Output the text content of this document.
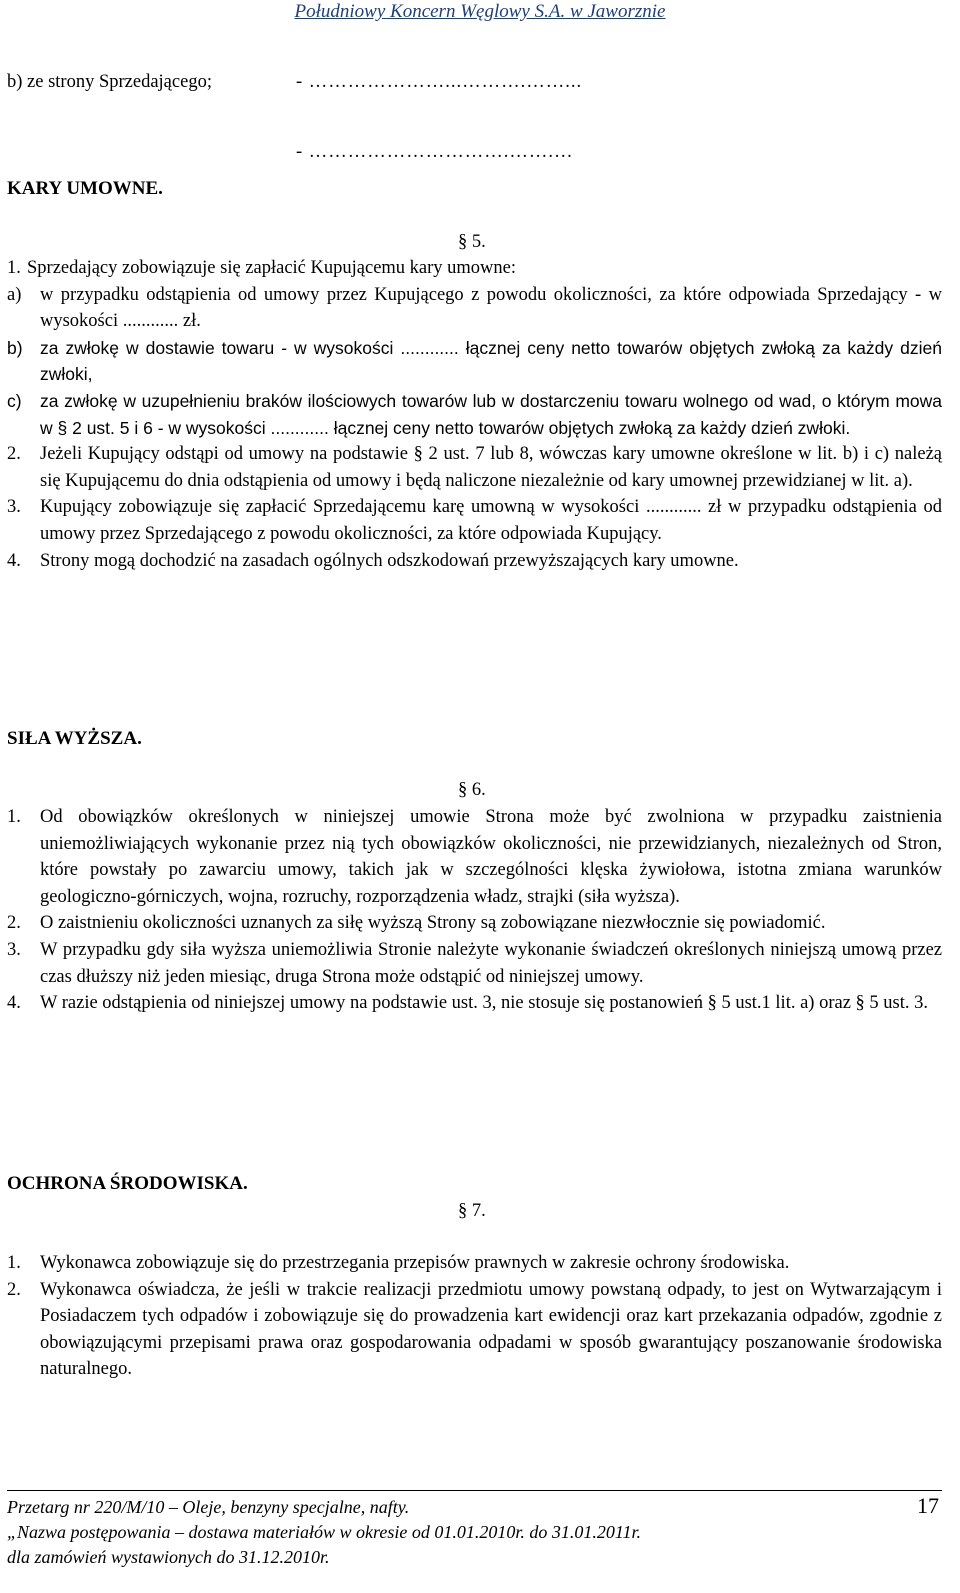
Południowy Koncern Węglowy S.A. w Jaworznie
b) ze strony Sprzedającego;	- …………………...……….……...
- ………………………….…….…
KARY UMOWNE.
§ 5.
1. Sprzedający zobowiązuje się zapłacić Kupującemu kary umowne:
a)	w przypadku odstąpienia od umowy przez Kupującego z powodu okoliczności, za które odpowiada Sprzedający - w wysokości ............ zł.
b) za zwłokę w dostawie towaru - w wysokości ............ łącznej ceny netto towarów objętych zwłoką za każdy dzień zwłoki,
c)	za zwłokę w uzupełnieniu braków ilościowych towarów lub w dostarczeniu towaru wolnego od wad, o którym mowa w § 2 ust. 5 i 6 - w wysokości ............ łącznej ceny netto towarów objętych zwłoką za każdy dzień zwłoki.
2.	Jeżeli Kupujący odstąpi od umowy na podstawie § 2 ust. 7 lub 8, wówczas kary umowne określone w lit. b) i c) należą się Kupującemu do dnia odstąpienia od umowy i będą naliczone niezależnie od kary umownej przewidzianej w lit. a).
3.	Kupujący zobowiązuje się zapłacić Sprzedającemu karę umowną w wysokości ............ zł w przypadku odstąpienia od umowy przez Sprzedającego z powodu okoliczności, za które odpowiada Kupujący.
4.	Strony mogą dochodzić na zasadach ogólnych odszkodowań przewyższających kary umowne.
SIŁA WYŻSZA.
§ 6.
1.	Od obowiązków określonych w niniejszej umowie Strona może być zwolniona w przypadku zaistnienia uniemożliwiających wykonanie przez nią tych obowiązków okoliczności, nie przewidzianych, niezależnych od Stron, które powstały po zawarciu umowy, takich jak w szczególności klęska żywiołowa, istotna zmiana warunków geologiczno-górniczych, wojna, rozruchy, rozporządzenia władz, strajki (siła wyższa).
2.	O zaistnieniu okoliczności uznanych za siłę wyższą Strony są zobowiązane niezwłocznie się powiadomić.
3.	W przypadku gdy siła wyższa uniemożliwia Stronie należyte wykonanie świadczeń określonych niniejszą umową przez czas dłuższy niż jeden miesiąc, druga Strona może odstąpić od niniejszej umowy.
4.	W razie odstąpienia od niniejszej umowy na podstawie ust. 3, nie stosuje się postanowień § 5 ust.1 lit. a) oraz § 5 ust. 3.
OCHRONA ŚRODOWISKA.
§ 7.
1.	Wykonawca zobowiązuje się do przestrzegania przepisów prawnych w zakresie ochrony środowiska.
2.	Wykonawca oświadcza, że jeśli w trakcie realizacji przedmiotu umowy powstaną odpady, to jest on Wytwarzającym i Posiadaczem tych odpadów i zobowiązuje się do prowadzenia kart ewidencji oraz kart przekazania odpadów, zgodnie z obowiązującymi przepisami prawa oraz gospodarowania odpadami w sposób gwarantujący poszanowanie środowiska naturalnego.
Przetarg nr 220/M/10 – Oleje, benzyny specjalne, nafty.	17
„Nazwa postępowania – dostawa materiałów w okresie od 01.01.2010r. do 31.01.2011r.
dla zamówień wystawionych do 31.12.2010r.
